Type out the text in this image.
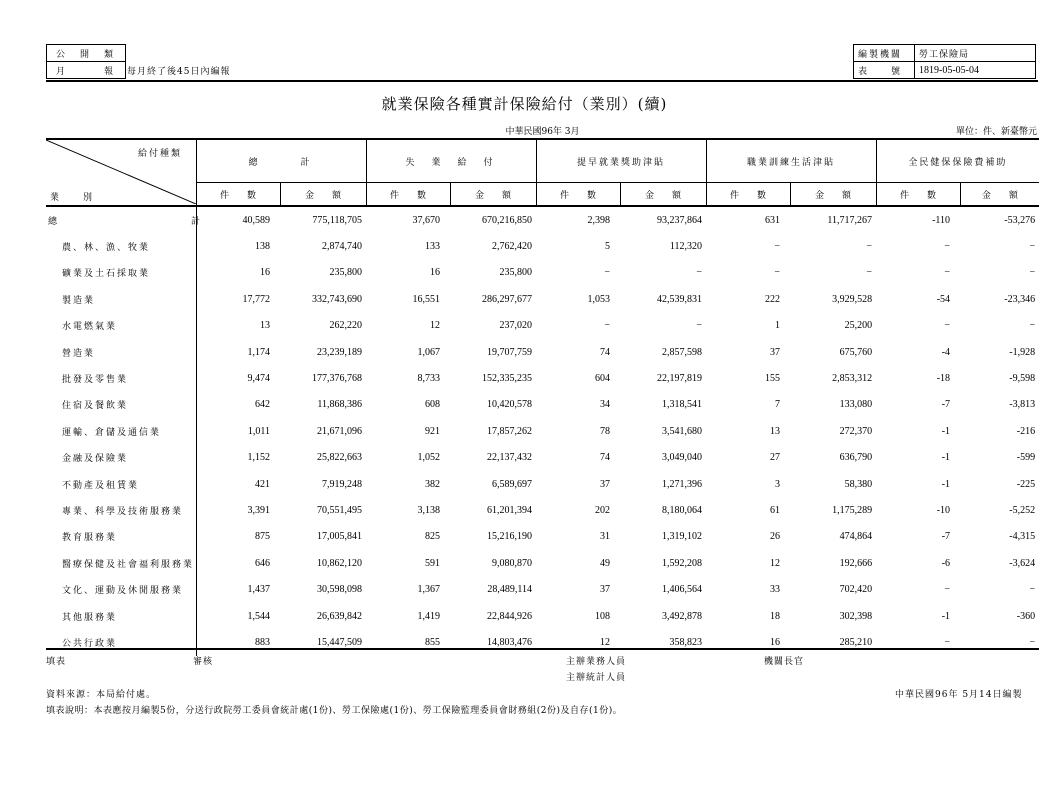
公　開　類
月　　　報 每月終了後45日內編報
編製機關	勞工保險局
表　　號	1819-05-05-04
就業保險各種實計保險給付（業別）(續)
中華民國96年 3月	單位：件、新臺幣元
給付種類
業　　別	總　　　計		失　業　給　付		提早就業獎助津貼		職業訓練生活津貼		全民健保保險費補助	
	件　　數	金　　額	件　　數	金　　額	件　　數	金　　額	件　　數	金　　額	件　　數	金　　額
總　　　　　　　　　　　　計	40,589	775,118,705	37,670	670,216,850	2,398	93,237,864	631	11,717,267	-110	-53,276
農、林、漁、牧業	138	2,874,740	133	2,762,420	5	112,320	−	−	−	−
礦業及土石採取業	16	235,800	16	235,800	−	−	−	−	−	−
製造業	17,772	332,743,690	16,551	286,297,677	1,053	42,539,831	222	3,929,528	-54	-23,346
水電燃氣業	13	262,220	12	237,020	−	−	1	25,200	−	−
營造業	1,174	23,239,189	1,067	19,707,759	74	2,857,598	37	675,760	-4	-1,928
批發及零售業	9,474	177,376,768	8,733	152,335,235	604	22,197,819	155	2,853,312	-18	-9,598
住宿及餐飲業	642	11,868,386	608	10,420,578	34	1,318,541	7	133,080	-7	-3,813
運輸、倉儲及通信業	1,011	21,671,096	921	17,857,262	78	3,541,680	13	272,370	-1	-216
金融及保險業	1,152	25,822,663	1,052	22,137,432	74	3,049,040	27	636,790	-1	-599
不動產及租賃業	421	7,919,248	382	6,589,697	37	1,271,396	3	58,380	-1	-225
專業、科學及技術服務業	3,391	70,551,495	3,138	61,201,394	202	8,180,064	61	1,175,289	-10	-5,252
教育服務業	875	17,005,841	825	15,216,190	31	1,319,102	26	474,864	-7	-4,315
醫療保健及社會福利服務業	646	10,862,120	591	9,080,870	49	1,592,208	12	192,666	-6	-3,624
文化、運動及休閒服務業	1,437	30,598,098	1,367	28,489,114	37	1,406,564	33	702,420	−	−
其他服務業	1,544	26,639,842	1,419	22,844,926	108	3,492,878	18	302,398	-1	-360
公共行政業	883	15,447,509	855	14,803,476	12	358,823	16	285,210	−	−
填表	審核	主辦業務人員
主辦統計人員
機關長官
資料來源：本局給付處。	中華民國96年 5月14日編製
填表說明：本表應按月編製5份，分送行政院勞工委員會統計處(1份)、勞工保險處(1份)、勞工保險監理委員會財務組(2份)及自存(1份)。
